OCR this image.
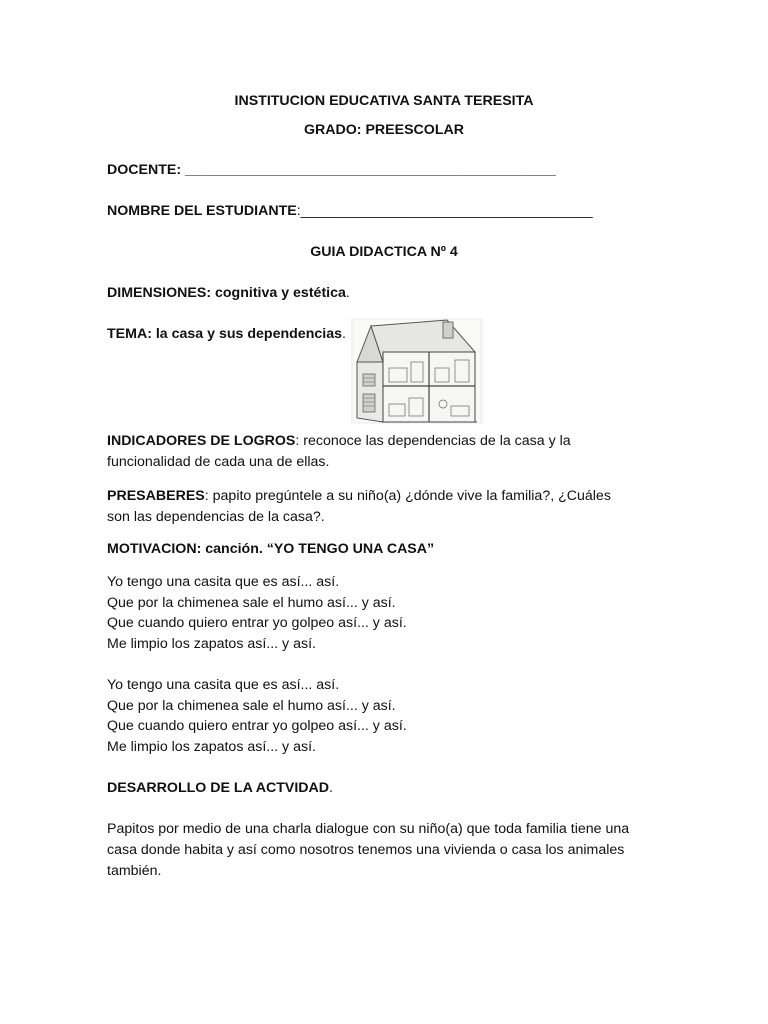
INSTITUCION EDUCATIVA SANTA TERESITA
GRADO: PREESCOLAR
DOCENTE: _______________________________________________
NOMBRE DEL ESTUDIANTE:_____________________________________
GUIA DIDACTICA Nº 4
DIMENSIONES: cognitiva y estética.
TEMA: la casa y sus dependencias.
INDICADORES DE LOGROS: reconoce las dependencias de la casa y la
funcionalidad de cada una de ellas.
PRESABERES: papito pregúntele a su niño(a) ¿dónde vive la familia?, ¿Cuáles
son las dependencias de la casa?.
MOTIVACION: canción. “YO TENGO UNA CASA”
Yo tengo una casita que es así... así.
Que por la chimenea sale el humo así... y así.
Que cuando quiero entrar yo golpeo así... y así.
Me limpio los zapatos así... y así.
Yo tengo una casita que es así... así.
Que por la chimenea sale el humo así... y así.
Que cuando quiero entrar yo golpeo así... y así.
Me limpio los zapatos así... y así.
DESARROLLO DE LA ACTVIDAD.
Papitos por medio de una charla dialogue con su niño(a) que toda familia tiene una
casa donde habita y así como nosotros tenemos una vivienda o casa los animales
también.
